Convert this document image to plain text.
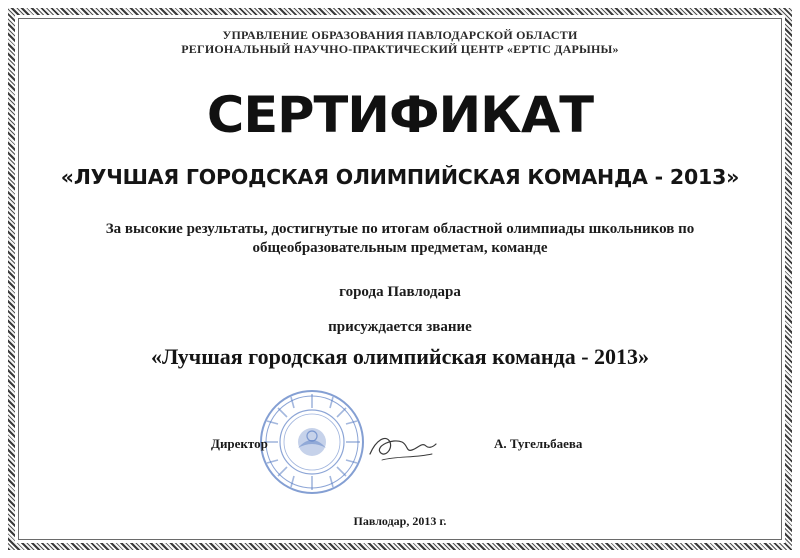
УПРАВЛЕНИЕ ОБРАЗОВАНИЯ ПАВЛОДАРСКОЙ ОБЛАСТИ
РЕГИОНАЛЬНЫЙ НАУЧНО-ПРАКТИЧЕСКИЙ ЦЕНТР «ЕРТІС ДАРЫНЫ»
СЕРТИФИКАТ
«ЛУЧШАЯ ГОРОДСКАЯ ОЛИМПИЙСКАЯ КОМАНДА - 2013»
За высокие результаты, достигнутые по итогам областной олимпиады школьников по
общеобразовательным предметам, команде
города Павлодара
присуждается звание
«Лучшая городская олимпийская команда - 2013»
Директор	А. Тугельбаева
Павлодар, 2013 г.
